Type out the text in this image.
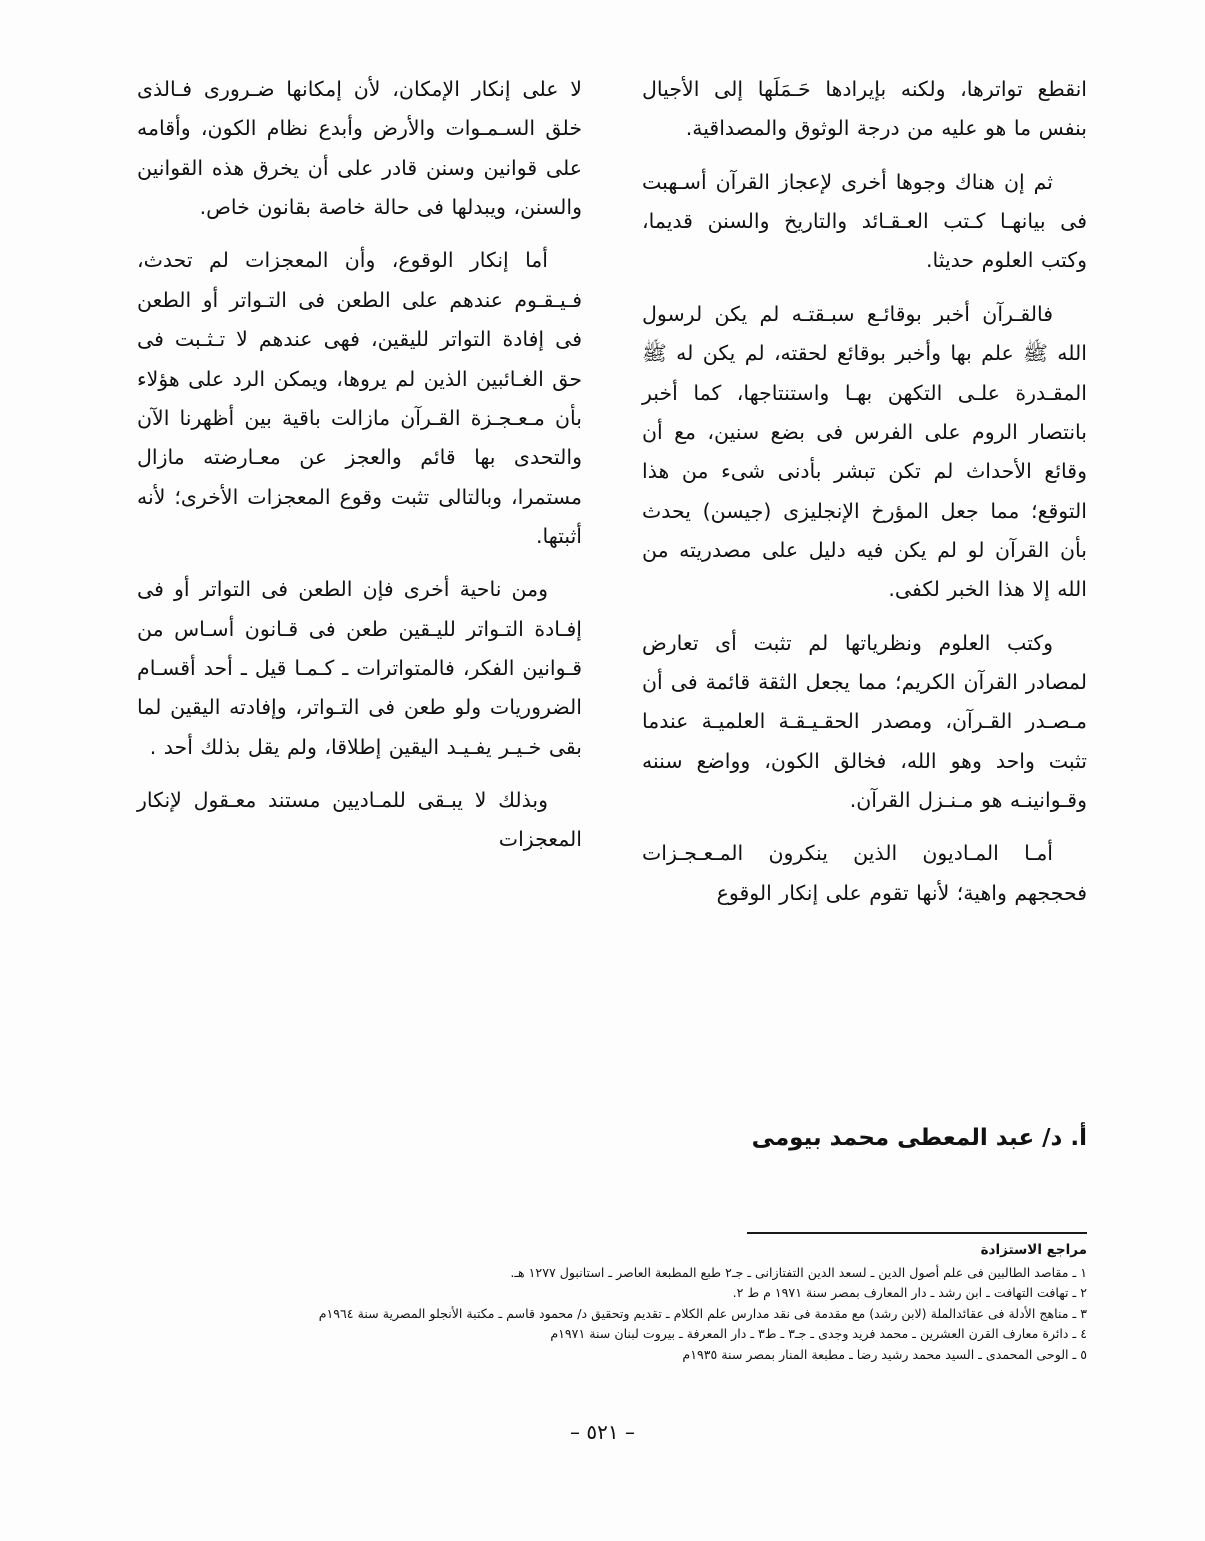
انقطع تواترها، ولكنه بإيرادها حَـمَلَها إلى الأجيال بنفس ما هو عليه من درجة الوثوق والمصداقية.

ثم إن هناك وجوها أخرى لإعجاز القرآن أسـهبت فى بيانهـا كـتب العـقـائد والتاريخ والسنن قديما، وكتب العلوم حديثا.

فالقـرآن أخبر بوقائـع سبـقتـه لم يكن لرسول الله ﷺ علم بها وأخبر بوقائع لحقته، لم يكن له ﷺ المقـدرة علـى التكهن بهـا واستنتاجها، كما أخبر بانتصار الروم على الفرس فى بضع سنين، مع أن وقائع الأحداث لم تكن تبشر بأدنى شىء من هذا التوقع؛ مما جعل المؤرخ الإنجليزى (جيسن) يحدث بأن القرآن لو لم يكن فيه دليل على مصدريته من الله إلا هذا الخبر لكفى.

وكتب العلوم ونظرياتها لم تثبت أى تعارض لمصادر القرآن الكريم؛ مما يجعل الثقة قائمة فى أن مـصـدر القـرآن، ومصدر الحقـيـقـة العلميـة عندما تثبت واحد وهو الله، فخالق الكون، وواضع سننه وقـوانينـه هو مـنـزل القرآن.

أمـا المـاديون الذين ينكرون المـعـجـزات فحججهم واهية؛ لأنها تقوم على إنكار الوقوع

لا على إنكار الإمكان، لأن إمكانها ضـرورى فـالذى خلق السـمـوات والأرض وأبدع نظام الكون، وأقامه على قوانين وسنن قادر على أن يخرق هذه القوانين والسنن، ويبدلها فى حالة خاصة بقانون خاص.

أما إنكار الوقوع، وأن المعجزات لم تحدث، فـيـقـوم عندهم على الطعن فى التـواتر أو الطعن فى إفادة التواتر لليقين، فهى عندهم لا تـثـبت فى حق الغـائبين الذين لم يروها، ويمكن الرد على هؤلاء بأن مـعـجـزة القـرآن مازالت باقية بين أظهرنا الآن والتحدى بها قائم والعجز عن معـارضته مازال مستمرا، وبالتالى تثبت وقوع المعجزات الأخرى؛ لأنه أثبتها.

ومن ناحية أخرى فإن الطعن فى التواتر أو فى إفـادة التـواتر لليـقين طعن فى قـانون أسـاس من قـوانين الفكر، فالمتواترات ـ كـمـا قيل ـ أحد أقسـام الضروريات ولو طعن فى التـواتر، وإفادته اليقين لما بقى خـيـر يفـيـد اليقين إطلاقا، ولم يقل بذلك أحد .

وبذلك لا يبـقى للمـاديين مستند معـقول لإنكار المعجزات

أ. د/ عبد المعطى محمد بيومى
مراجع الاستزادة
١ ـ مقاصد الطالبين فى علم أصول الدين ـ لسعد الدين التفتازانى ـ جـ٢ طبع المطبعة العاصر ـ استانبول ١٢٧٧ هـ.
٢ ـ تهافت التهافت ـ ابن رشد ـ دار المعارف بمصر سنة ١٩٧١ م ط ٢.
٣ ـ مناهج الأدلة فى عقائدالملة (لابن رشد) مع مقدمة فى نقد مدارس علم الكلام ـ تقديم وتحقيق د/ محمود قاسم ـ مكتبة الأنجلو المصرية سنة ١٩٦٤م
٤ ـ دائرة معارف القرن العشرين ـ محمد فريد وجدى ـ جـ٣ ـ ط٣ ـ دار المعرفة ـ بيروت لبنان سنة ١٩٧١م
٥ ـ الوحى المحمدى ـ السيد محمد رشيد رضا ـ مطبعة المنار بمصر سنة ١٩٣٥م
– ٥٢١ –
